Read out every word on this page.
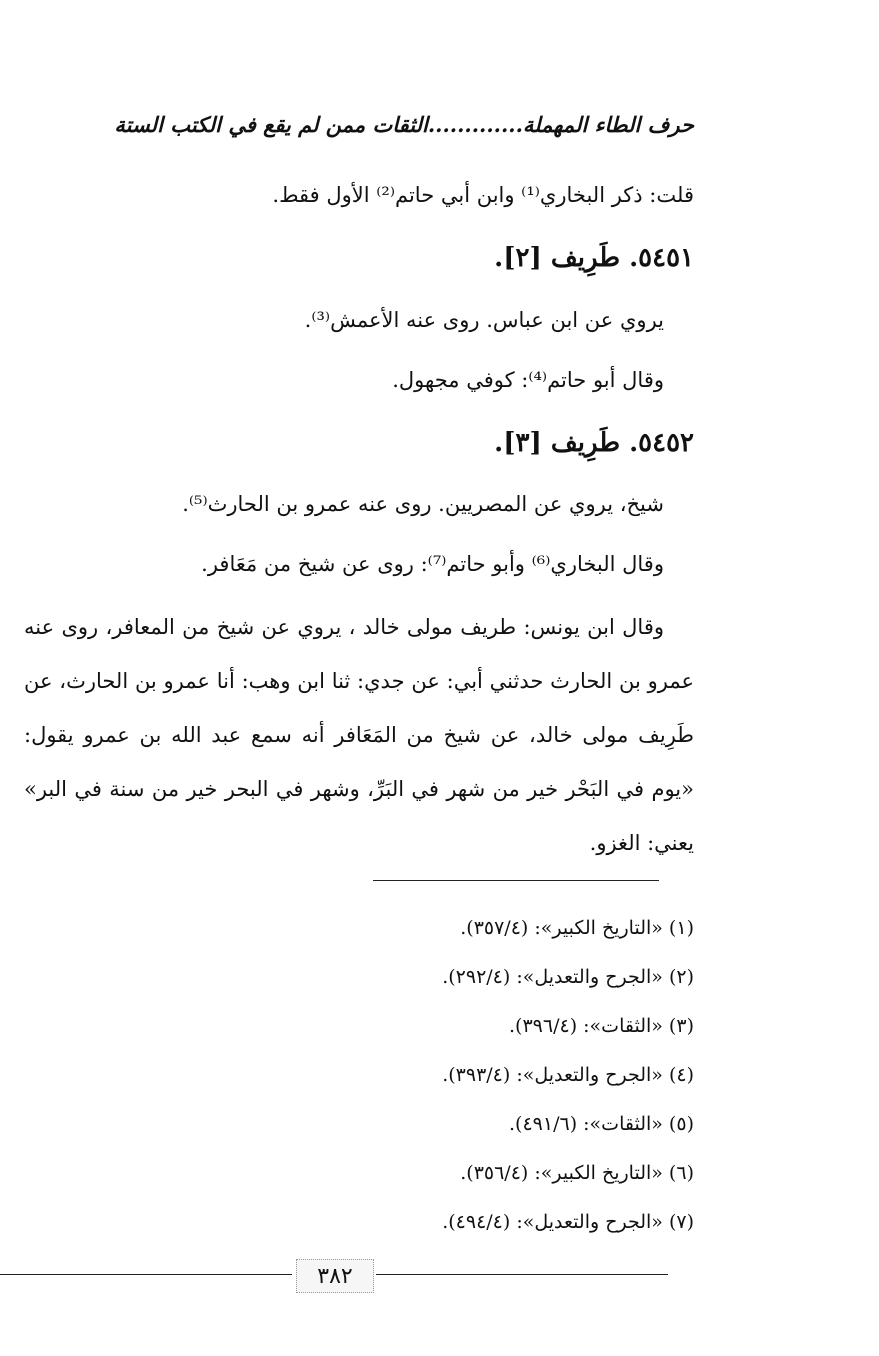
حرف الطاء المهملة.............الثقات ممن لم يقع في الكتب الستة
قلت: ذكر البخاري⁽¹⁾ وابن أبي حاتم⁽²⁾ الأول فقط.
٥٤٥١. طَرِيف [٢].
يروي عن ابن عباس. روى عنه الأعمش⁽³⁾.
وقال أبو حاتم⁽⁴⁾: كوفي مجهول.
٥٤٥٢. طَرِيف [٣].
شيخ، يروي عن المصريين. روى عنه عمرو بن الحارث⁽⁵⁾.
وقال البخاري⁽⁶⁾ وأبو حاتم⁽⁷⁾: روى عن شيخ من مَعَافر.
وقال ابن يونس: طريف مولى خالد ، يروي عن شيخ من المعافر، روى عنه عمرو بن الحارث حدثني أبي: عن جدي: ثنا ابن وهب: أنا عمرو بن الحارث، عن طَرِيف مولى خالد، عن شيخ من المَعَافر أنه سمع عبد الله بن عمرو يقول: «يوم في البَحْر خير من شهر في البَرِّ، وشهر في البحر خير من سنة في البر» يعني: الغزو.
(١) «التاريخ الكبير»: (٣٥٧/٤).
(٢) «الجرح والتعديل»: (٢٩٢/٤).
(٣) «الثقات»: (٣٩٦/٤).
(٤) «الجرح والتعديل»: (٣٩٣/٤).
(٥) «الثقات»: (٤٩١/٦).
(٦) «التاريخ الكبير»: (٣٥٦/٤).
(٧) «الجرح والتعديل»: (٤٩٤/٤).
٣٨٢
